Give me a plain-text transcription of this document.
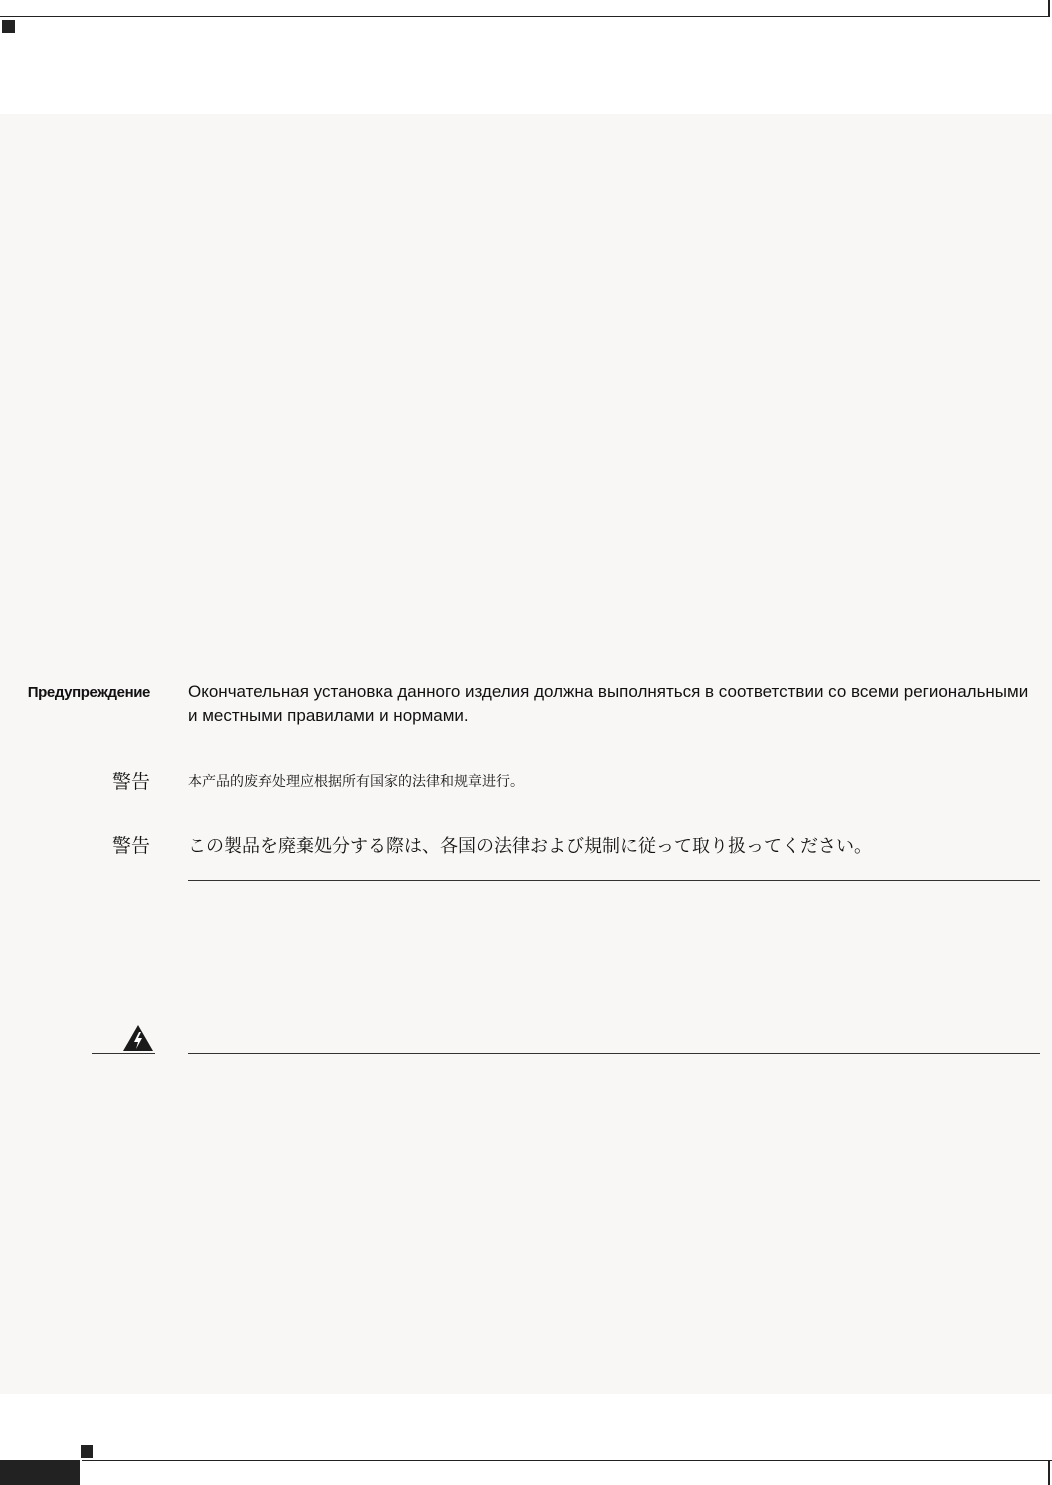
Предупреждение Окончательная установка данного изделия должна выполняться в соответствии со всеми региональными и местными правилами и нормами.
警告	本产品的废弃处理应根据所有国家的法律和规章进行。
警告 この製品を廃棄処分する際は、各国の法律および規制に従って取り扱ってください。
